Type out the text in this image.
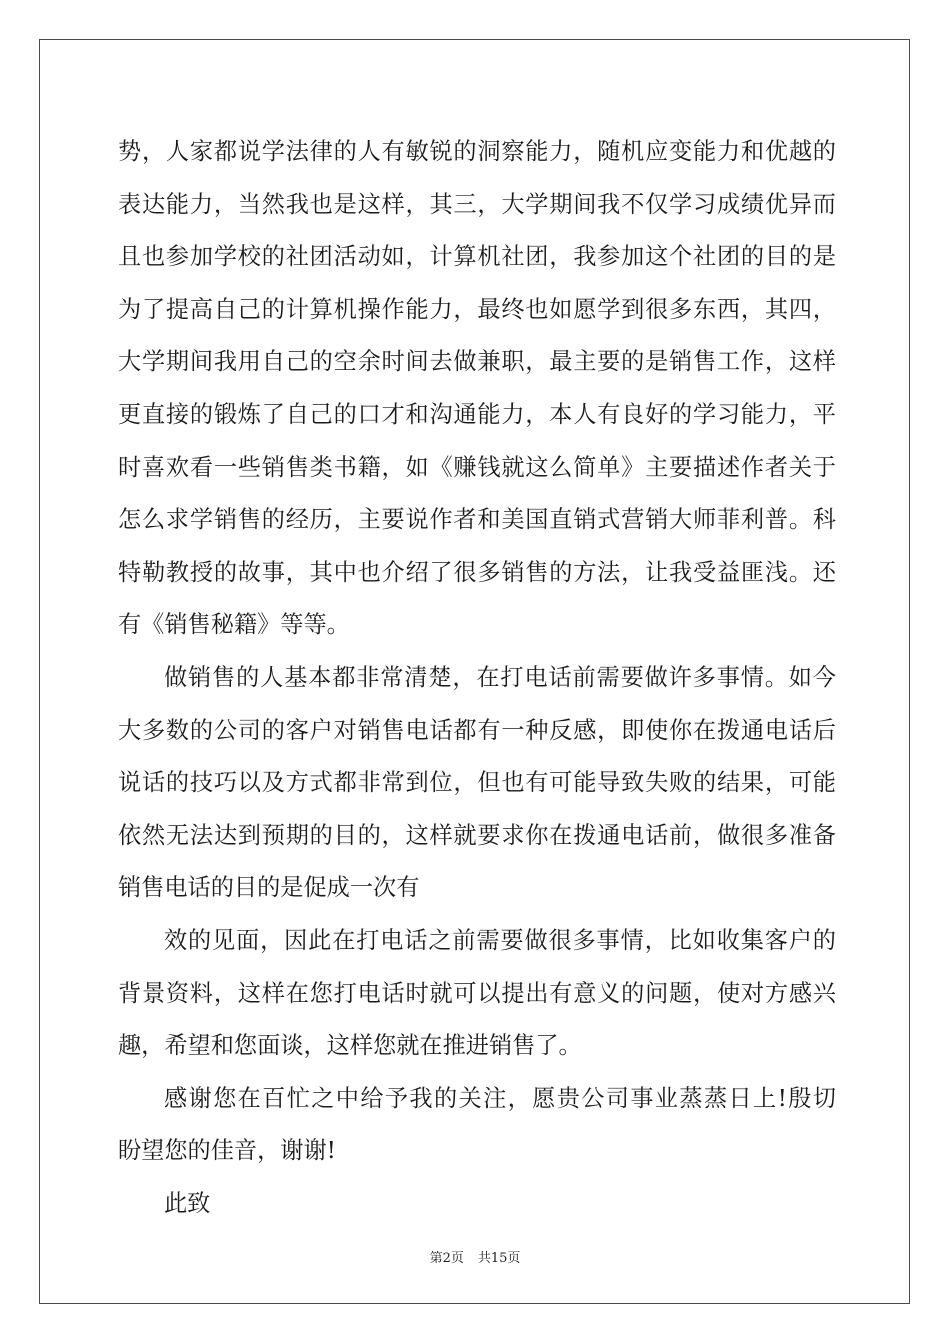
势，人家都说学法律的人有敏锐的洞察能力，随机应变能力和优越的
表达能力，当然我也是这样，其三，大学期间我不仅学习成绩优异而
且也参加学校的社团活动如，计算机社团，我参加这个社团的目的是
为了提高自己的计算机操作能力，最终也如愿学到很多东西，其四，
大学期间我用自己的空余时间去做兼职，最主要的是销售工作，这样
更直接的锻炼了自己的口才和沟通能力，本人有良好的学习能力，平
时喜欢看一些销售类书籍，如《赚钱就这么简单》主要描述作者关于
怎么求学销售的经历，主要说作者和美国直销式营销大师菲利普。科
特勒教授的故事，其中也介绍了很多销售的方法，让我受益匪浅。还
有《销售秘籍》等等。
做销售的人基本都非常清楚，在打电话前需要做许多事情。如今
大多数的公司的客户对销售电话都有一种反感，即使你在拨通电话后
说话的技巧以及方式都非常到位，但也有可能导致失败的结果，可能
依然无法达到预期的目的，这样就要求你在拨通电话前，做很多准备
销售电话的目的是促成一次有
效的见面，因此在打电话之前需要做很多事情，比如收集客户的
背景资料，这样在您打电话时就可以提出有意义的问题，使对方感兴
趣，希望和您面谈，这样您就在推进销售了。
感谢您在百忙之中给予我的关注，愿贵公司事业蒸蒸日上!殷切
盼望您的佳音，谢谢!
此致
第2页 共15页
